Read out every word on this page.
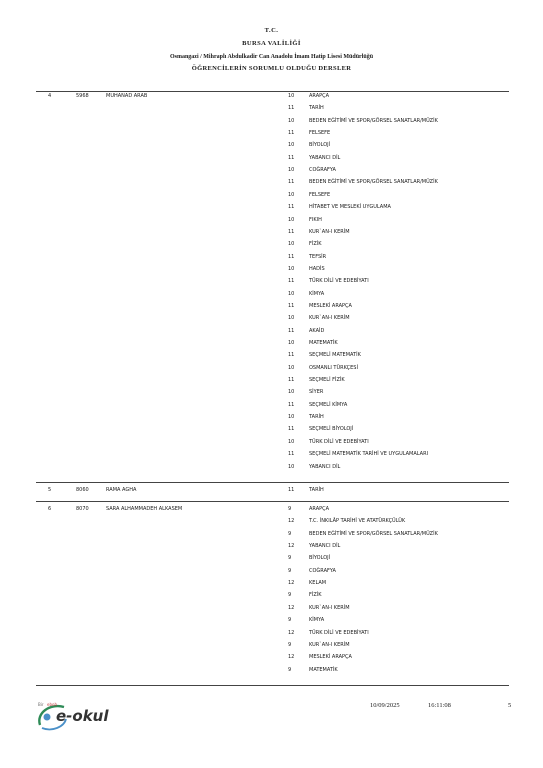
T.C.
BURSA VALİLİĞİ
Osmangazi / Mihraplı Abdulkadir Can Anadolu İmam Hatip Lisesi Müdürlüğü
ÖĞRENCİLERİN SORUMLU OLDUĞU DERSLER
4	5968	MUHANAD ARAB	10	ARAPÇA
11	TARİH
10	BEDEN EĞİTİMİ VE SPOR/GÖRSEL SANATLAR/MÜZİK
11	FELSEFE
10	BİYOLOJİ
11	YABANCI DİL
10	COĞRAFYA
11	BEDEN EĞİTİMİ VE SPOR/GÖRSEL SANATLAR/MÜZİK
10	FELSEFE
11	HİTABET VE MESLEKİ UYGULAMA
10	FIKIH
11	KUR`AN-I KERİM
10	FİZİK
11	TEFSİR
10	HADİS
11	TÜRK DİLİ VE EDEBİYATI
10	KİMYA
11	MESLEKİ ARAPÇA
10	KUR`AN-I KERİM
11	AKAİD
10	MATEMATİK
11	SEÇMELİ MATEMATİK
10	OSMANLI TÜRKÇESİ
11	SEÇMELİ FİZİK
10	SİYER
11	SEÇMELİ KİMYA
10	TARİH
11	SEÇMELİ BİYOLOJİ
10	TÜRK DİLİ VE EDEBİYATI
11	SEÇMELİ MATEMATİK TARİHİ VE UYGULAMALARI
10	YABANCI DİL
5	8060	RAMA AGHA	11	TARİH
6	8070	SARA ALHAMMADEH ALKASEM	9	ARAPÇA
12	T.C. İNKILÂP TARİHİ VE ATATÜRKÇÜLÜK
9	BEDEN EĞİTİMİ VE SPOR/GÖRSEL SANATLAR/MÜZİK
12	YABANCI DİL
9	BİYOLOJİ
9	COĞRAFYA
12	KELAM
9	FİZİK
12	KUR`AN-I KERİM
9	KİMYA
12	TÜRK DİLİ VE EDEBİYATI
9	KUR`AN-I KERİM
12	MESLEKİ ARAPÇA
9	MATEMATİK
Bir ebob
e-okul
10/09/2025	16:11:08	5
